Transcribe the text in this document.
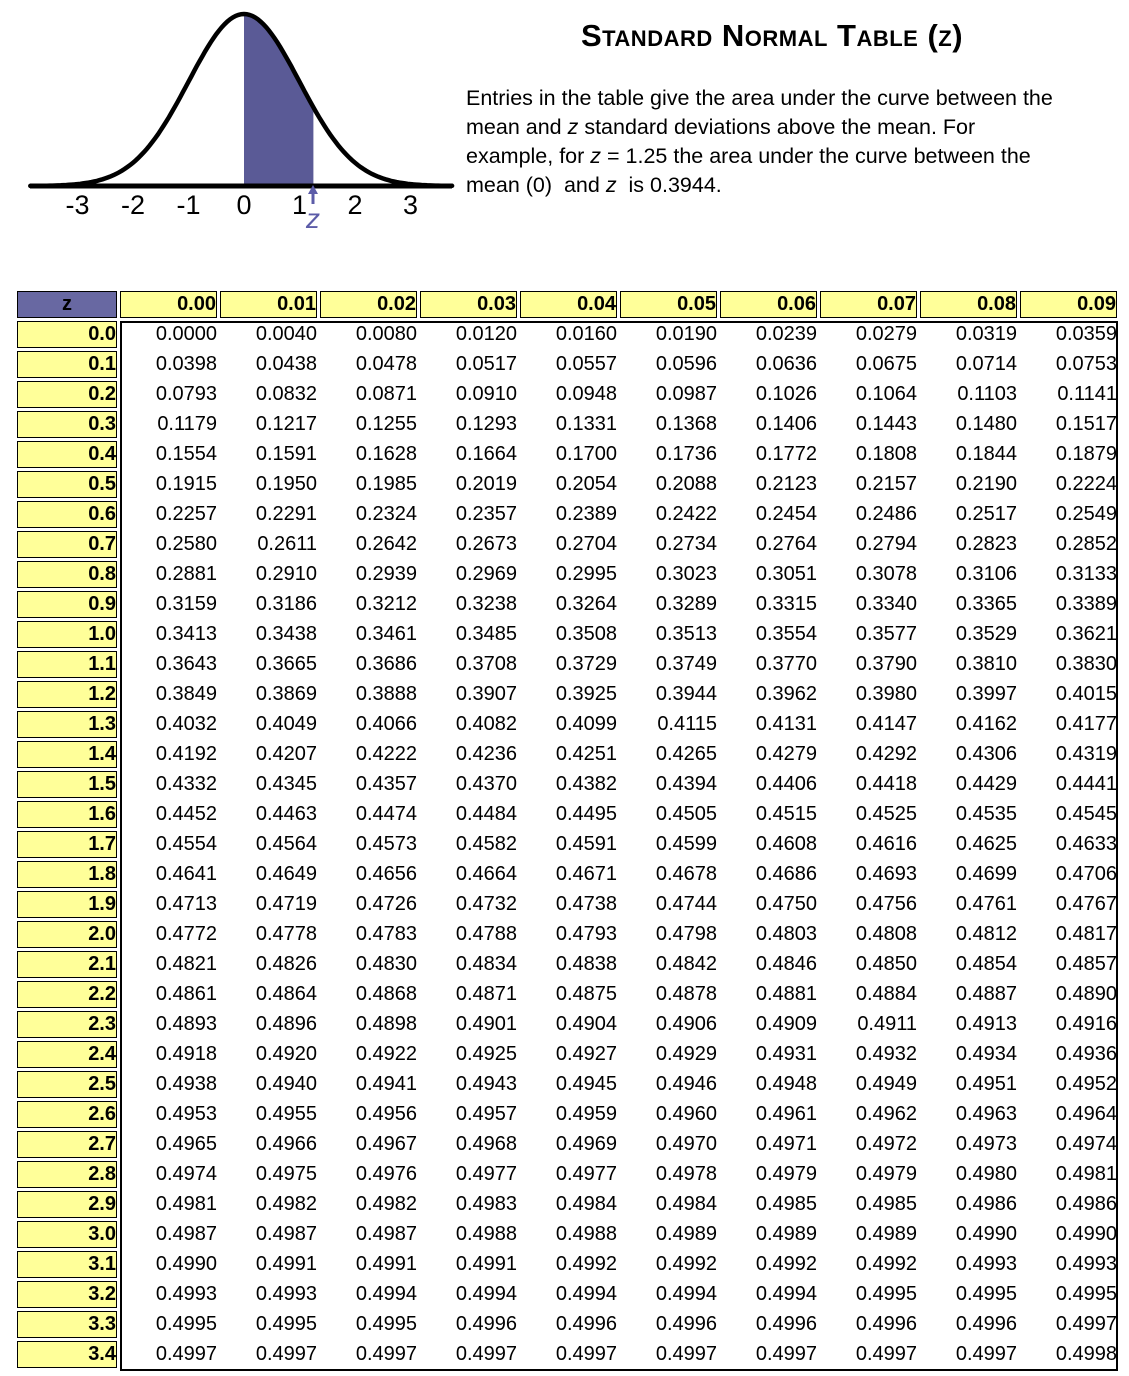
-3 -2 -1 0 1 2 3
z
Standard Normal Table (z)

Entries in the table give the area under the curve between the mean and z standard deviations above the mean. For example, for z = 1.25 the area under the curve between the mean (0)  and z  is 0.3944.

z	0.00	0.01	0.02	0.03	0.04	0.05	0.06	0.07	0.08	0.09
0.0	0.0000	0.0040	0.0080	0.0120	0.0160	0.0190	0.0239	0.0279	0.0319	0.0359
0.1	0.0398	0.0438	0.0478	0.0517	0.0557	0.0596	0.0636	0.0675	0.0714	0.0753
0.2	0.0793	0.0832	0.0871	0.0910	0.0948	0.0987	0.1026	0.1064	0.1103	0.1141
0.3	0.1179	0.1217	0.1255	0.1293	0.1331	0.1368	0.1406	0.1443	0.1480	0.1517
0.4	0.1554	0.1591	0.1628	0.1664	0.1700	0.1736	0.1772	0.1808	0.1844	0.1879
0.5	0.1915	0.1950	0.1985	0.2019	0.2054	0.2088	0.2123	0.2157	0.2190	0.2224
0.6	0.2257	0.2291	0.2324	0.2357	0.2389	0.2422	0.2454	0.2486	0.2517	0.2549
0.7	0.2580	0.2611	0.2642	0.2673	0.2704	0.2734	0.2764	0.2794	0.2823	0.2852
0.8	0.2881	0.2910	0.2939	0.2969	0.2995	0.3023	0.3051	0.3078	0.3106	0.3133
0.9	0.3159	0.3186	0.3212	0.3238	0.3264	0.3289	0.3315	0.3340	0.3365	0.3389
1.0	0.3413	0.3438	0.3461	0.3485	0.3508	0.3513	0.3554	0.3577	0.3529	0.3621
1.1	0.3643	0.3665	0.3686	0.3708	0.3729	0.3749	0.3770	0.3790	0.3810	0.3830
1.2	0.3849	0.3869	0.3888	0.3907	0.3925	0.3944	0.3962	0.3980	0.3997	0.4015
1.3	0.4032	0.4049	0.4066	0.4082	0.4099	0.4115	0.4131	0.4147	0.4162	0.4177
1.4	0.4192	0.4207	0.4222	0.4236	0.4251	0.4265	0.4279	0.4292	0.4306	0.4319
1.5	0.4332	0.4345	0.4357	0.4370	0.4382	0.4394	0.4406	0.4418	0.4429	0.4441
1.6	0.4452	0.4463	0.4474	0.4484	0.4495	0.4505	0.4515	0.4525	0.4535	0.4545
1.7	0.4554	0.4564	0.4573	0.4582	0.4591	0.4599	0.4608	0.4616	0.4625	0.4633
1.8	0.4641	0.4649	0.4656	0.4664	0.4671	0.4678	0.4686	0.4693	0.4699	0.4706
1.9	0.4713	0.4719	0.4726	0.4732	0.4738	0.4744	0.4750	0.4756	0.4761	0.4767
2.0	0.4772	0.4778	0.4783	0.4788	0.4793	0.4798	0.4803	0.4808	0.4812	0.4817
2.1	0.4821	0.4826	0.4830	0.4834	0.4838	0.4842	0.4846	0.4850	0.4854	0.4857
2.2	0.4861	0.4864	0.4868	0.4871	0.4875	0.4878	0.4881	0.4884	0.4887	0.4890
2.3	0.4893	0.4896	0.4898	0.4901	0.4904	0.4906	0.4909	0.4911	0.4913	0.4916
2.4	0.4918	0.4920	0.4922	0.4925	0.4927	0.4929	0.4931	0.4932	0.4934	0.4936
2.5	0.4938	0.4940	0.4941	0.4943	0.4945	0.4946	0.4948	0.4949	0.4951	0.4952
2.6	0.4953	0.4955	0.4956	0.4957	0.4959	0.4960	0.4961	0.4962	0.4963	0.4964
2.7	0.4965	0.4966	0.4967	0.4968	0.4969	0.4970	0.4971	0.4972	0.4973	0.4974
2.8	0.4974	0.4975	0.4976	0.4977	0.4977	0.4978	0.4979	0.4979	0.4980	0.4981
2.9	0.4981	0.4982	0.4982	0.4983	0.4984	0.4984	0.4985	0.4985	0.4986	0.4986
3.0	0.4987	0.4987	0.4987	0.4988	0.4988	0.4989	0.4989	0.4989	0.4990	0.4990
3.1	0.4990	0.4991	0.4991	0.4991	0.4992	0.4992	0.4992	0.4992	0.4993	0.4993
3.2	0.4993	0.4993	0.4994	0.4994	0.4994	0.4994	0.4994	0.4995	0.4995	0.4995
3.3	0.4995	0.4995	0.4995	0.4996	0.4996	0.4996	0.4996	0.4996	0.4996	0.4997
3.4	0.4997	0.4997	0.4997	0.4997	0.4997	0.4997	0.4997	0.4997	0.4997	0.4998
